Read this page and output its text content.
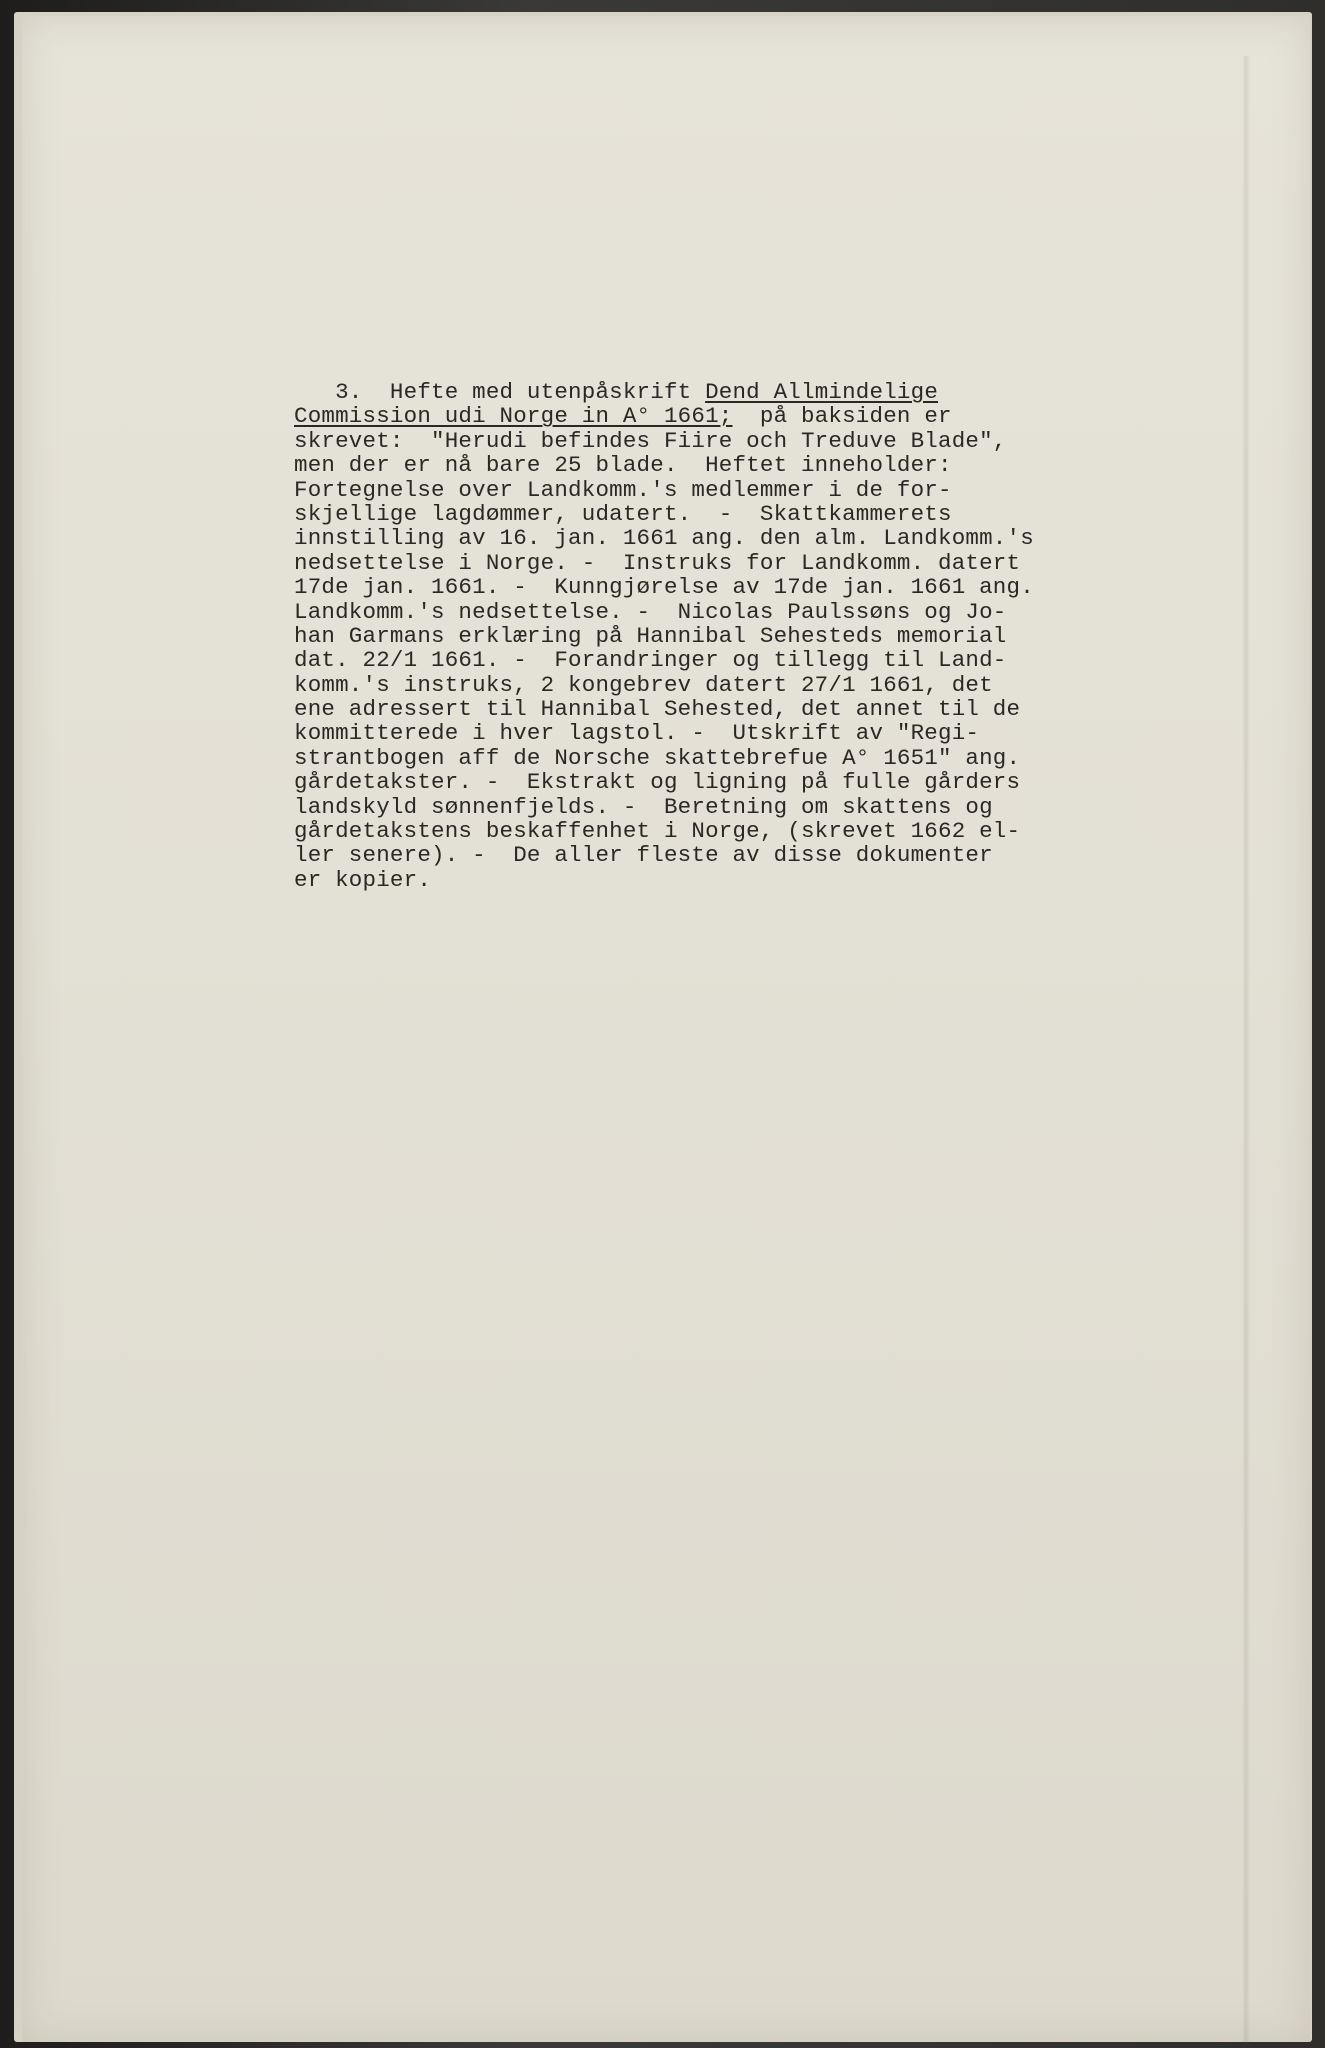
3.  Hefte med utenpåskrift Dend Allmindelige
Commission udi Norge in A° 1661;  på baksiden er
skrevet:  "Herudi befindes Fiire och Treduve Blade",
men der er nå bare 25 blade.  Heftet inneholder:
Fortegnelse over Landkomm.'s medlemmer i de for-
skjellige lagdømmer, udatert.  -  Skattkammerets
innstilling av 16. jan. 1661 ang. den alm. Landkomm.'s
nedsettelse i Norge. -  Instruks for Landkomm. datert
17de jan. 1661. -  Kunngjørelse av 17de jan. 1661 ang.
Landkomm.'s nedsettelse. -  Nicolas Paulssøns og Jo-
han Garmans erklæring på Hannibal Sehesteds memorial
dat. 22/1 1661. -  Forandringer og tillegg til Land-
komm.'s instruks, 2 kongebrev datert 27/1 1661, det
ene adressert til Hannibal Sehested, det annet til de
kommitterede i hver lagstol. -  Utskrift av "Regi-
strantbogen aff de Norsche skattebrefue A° 1651" ang.
gårdetakster. -  Ekstrakt og ligning på fulle gårders
landskyld sønnenfjelds. -  Beretning om skattens og
gårdetakstens beskaffenhet i Norge, (skrevet 1662 el-
ler senere). -  De aller fleste av disse dokumenter
er kopier.
